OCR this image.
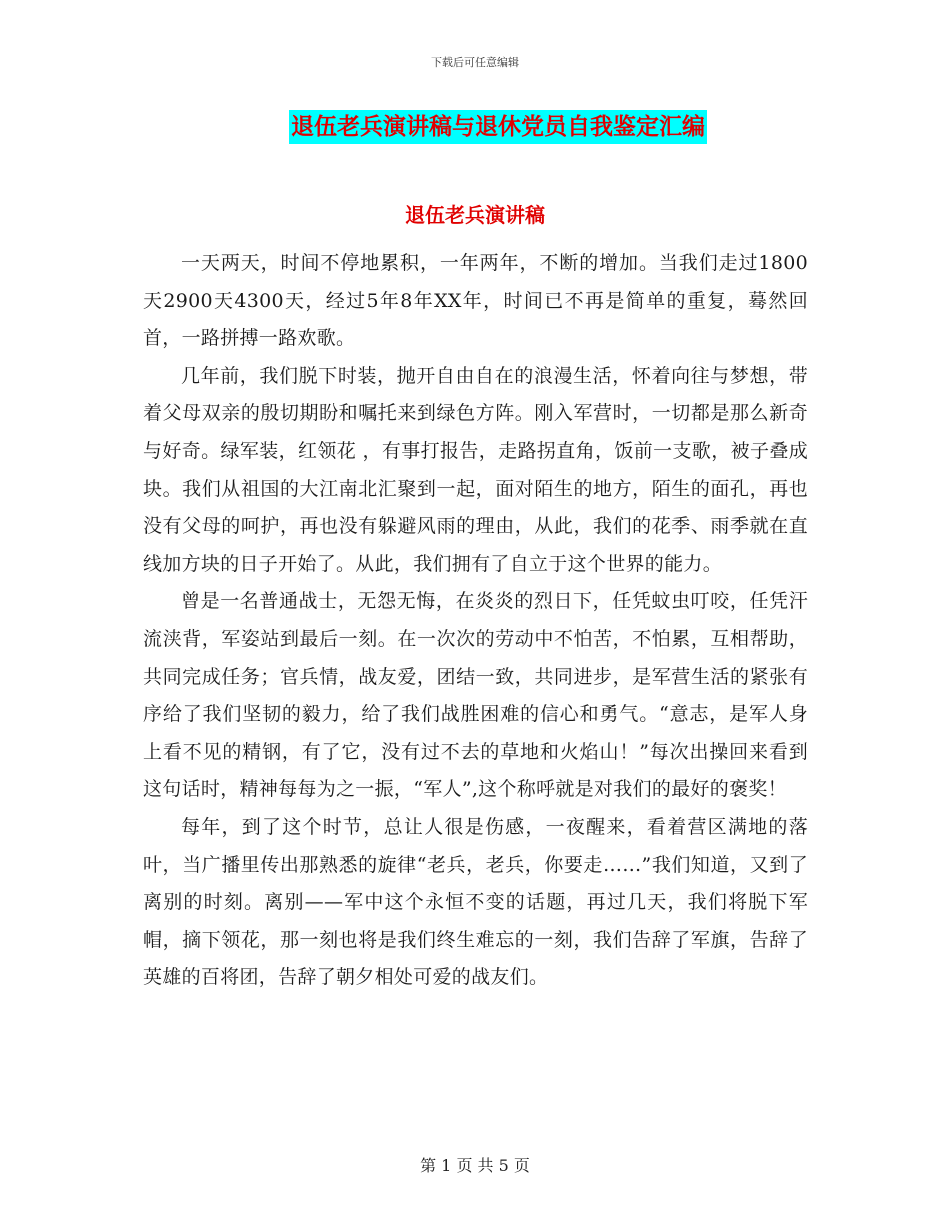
下载后可任意编辑
退伍老兵演讲稿与退休党员自我鉴定汇编
退伍老兵演讲稿

一天两天，时间不停地累积，一年两年，不断的增加。当我们走过1800天2900天4300天，经过5年8年XX年，时间已不再是简单的重复，蓦然回首，一路拼搏一路欢歌。

几年前，我们脱下时装，抛开自由自在的浪漫生活，怀着向往与梦想，带着父母双亲的殷切期盼和嘱托来到绿色方阵。刚入军营时，一切都是那么新奇与好奇。绿军装，红领花 ，有事打报告，走路拐直角，饭前一支歌，被子叠成块。我们从祖国的大江南北汇聚到一起，面对陌生的地方，陌生的面孔，再也没有父母的呵护，再也没有躲避风雨的理由，从此，我们的花季、雨季就在直线加方块的日子开始了。从此，我们拥有了自立于这个世界的能力。

曾是一名普通战士，无怨无悔，在炎炎的烈日下，任凭蚊虫叮咬，任凭汗流浃背，军姿站到最后一刻。在一次次的劳动中不怕苦，不怕累，互相帮助，共同完成任务；官兵情，战友爱，团结一致，共同进步，是军营生活的紧张有序给了我们坚韧的毅力，给了我们战胜困难的信心和勇气。“意志，是军人身上看不见的精钢，有了它，没有过不去的草地和火焰山！”每次出操回来看到这句话时，精神每每为之一振，“军人”,这个称呼就是对我们的最好的褒奖！

每年，到了这个时节，总让人很是伤感，一夜醒来，看着营区满地的落叶，当广播里传出那熟悉的旋律“老兵，老兵，你要走……”我们知道，又到了离别的时刻。离别——军中这个永恒不变的话题，再过几天，我们将脱下军帽，摘下领花，那一刻也将是我们终生难忘的一刻，我们告辞了军旗，告辞了英雄的百将团，告辞了朝夕相处可爱的战友们。

第 1 页 共 5 页
